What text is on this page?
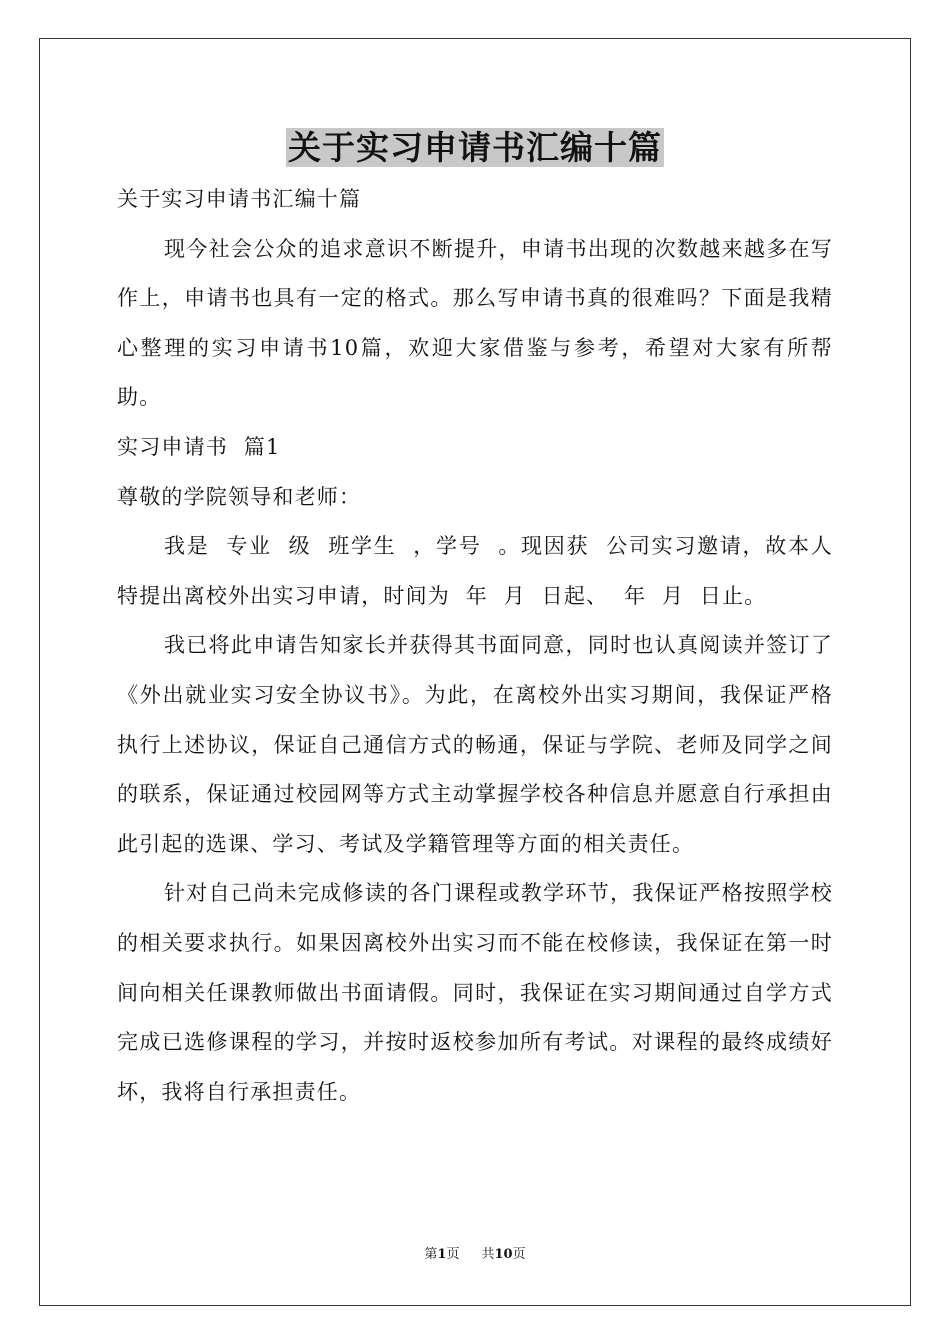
关于实习申请书汇编十篇

关于实习申请书汇编十篇

现今社会公众的追求意识不断提升，申请书出现的次数越来越多在写作上，申请书也具有一定的格式。那么写申请书真的很难吗？下面是我精心整理的实习申请书10篇，欢迎大家借鉴与参考，希望对大家有所帮助。

实习申请书  篇1

尊敬的学院领导和老师：

我是  专业  级  班学生  ，学号  。现因获  公司实习邀请，故本人特提出离校外出实习申请，时间为  年  月  日起、  年  月  日止。

我已将此申请告知家长并获得其书面同意，同时也认真阅读并签订了《外出就业实习安全协议书》。为此，在离校外出实习期间，我保证严格执行上述协议，保证自己通信方式的畅通，保证与学院、老师及同学之间的联系，保证通过校园网等方式主动掌握学校各种信息并愿意自行承担由此引起的选课、学习、考试及学籍管理等方面的相关责任。

针对自己尚未完成修读的各门课程或教学环节，我保证严格按照学校的相关要求执行。如果因离校外出实习而不能在校修读，我保证在第一时间向相关任课教师做出书面请假。同时，我保证在实习期间通过自学方式完成已选修课程的学习，并按时返校参加所有考试。对课程的最终成绩好坏，我将自行承担责任。

第1页 共10页
